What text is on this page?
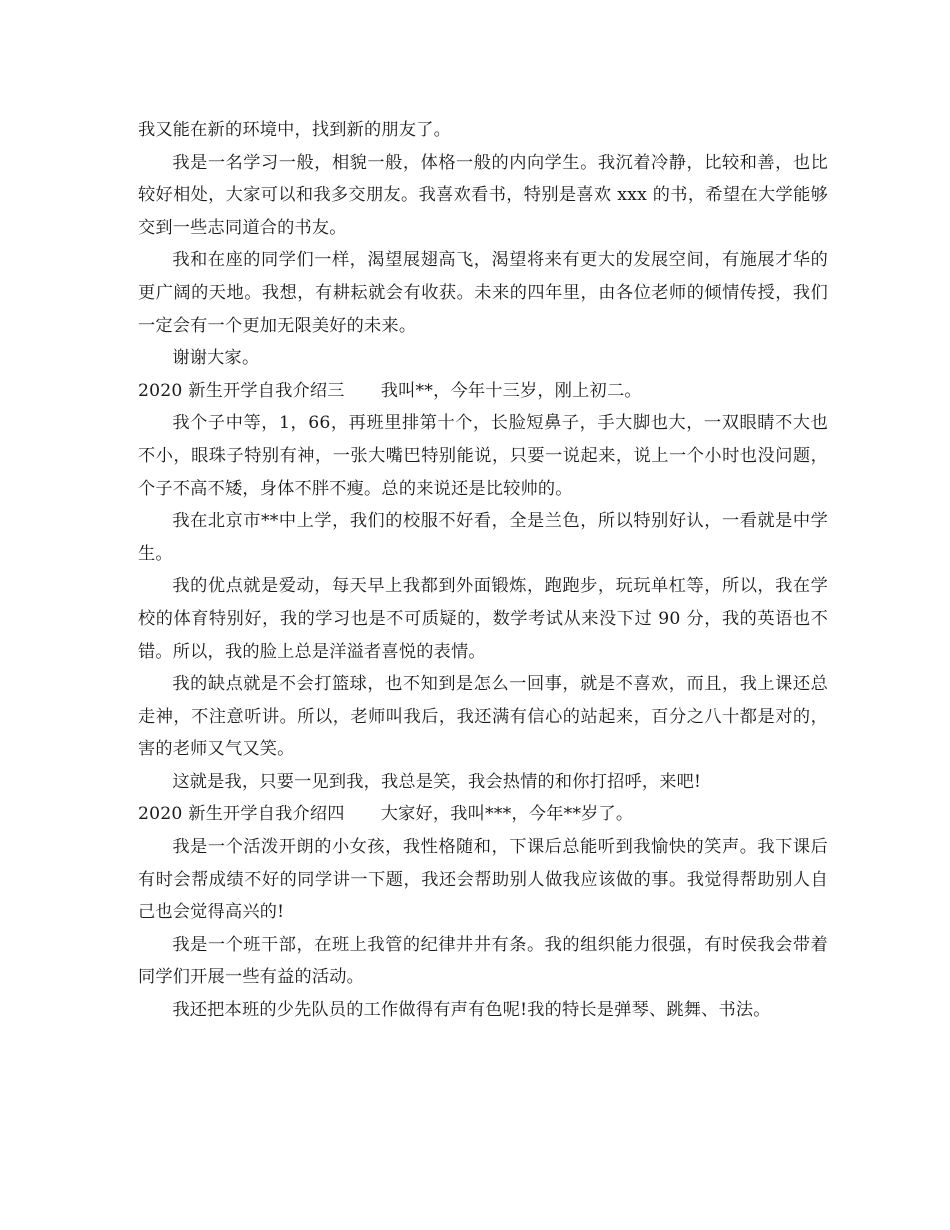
我又能在新的环境中，找到新的朋友了。

我是一名学习一般，相貌一般，体格一般的内向学生。我沉着冷静，比较和善，也比较好相处，大家可以和我多交朋友。我喜欢看书，特别是喜欢 xxx 的书，希望在大学能够交到一些志同道合的书友。

我和在座的同学们一样，渴望展翅高飞，渴望将来有更大的发展空间，有施展才华的更广阔的天地。我想，有耕耘就会有收获。未来的四年里，由各位老师的倾情传授，我们一定会有一个更加无限美好的未来。

谢谢大家。

2020 新生开学自我介绍三 我叫**，今年十三岁，刚上初二。

我个子中等，1，66，再班里排第十个，长脸短鼻子，手大脚也大，一双眼睛不大也不小，眼珠子特别有神，一张大嘴巴特别能说，只要一说起来，说上一个小时也没问题，个子不高不矮，身体不胖不瘦。总的来说还是比较帅的。

我在北京市**中上学，我们的校服不好看，全是兰色，所以特别好认，一看就是中学生。

我的优点就是爱动，每天早上我都到外面锻炼，跑跑步，玩玩单杠等，所以，我在学校的体育特别好，我的学习也是不可质疑的，数学考试从来没下过 90 分，我的英语也不错。所以，我的脸上总是洋溢者喜悦的表情。

我的缺点就是不会打篮球，也不知到是怎么一回事，就是不喜欢，而且，我上课还总走神，不注意听讲。所以，老师叫我后，我还满有信心的站起来，百分之八十都是对的，害的老师又气又笑。

这就是我，只要一见到我，我总是笑，我会热情的和你打招呼，来吧!

2020 新生开学自我介绍四 大家好，我叫***，今年**岁了。

我是一个活泼开朗的小女孩，我性格随和，下课后总能听到我愉快的笑声。我下课后有时会帮成绩不好的同学讲一下题，我还会帮助别人做我应该做的事。我觉得帮助别人自己也会觉得高兴的!

我是一个班干部，在班上我管的纪律井井有条。我的组织能力很强，有时侯我会带着同学们开展一些有益的活动。

我还把本班的少先队员的工作做得有声有色呢!我的特长是弹琴、跳舞、书法。
